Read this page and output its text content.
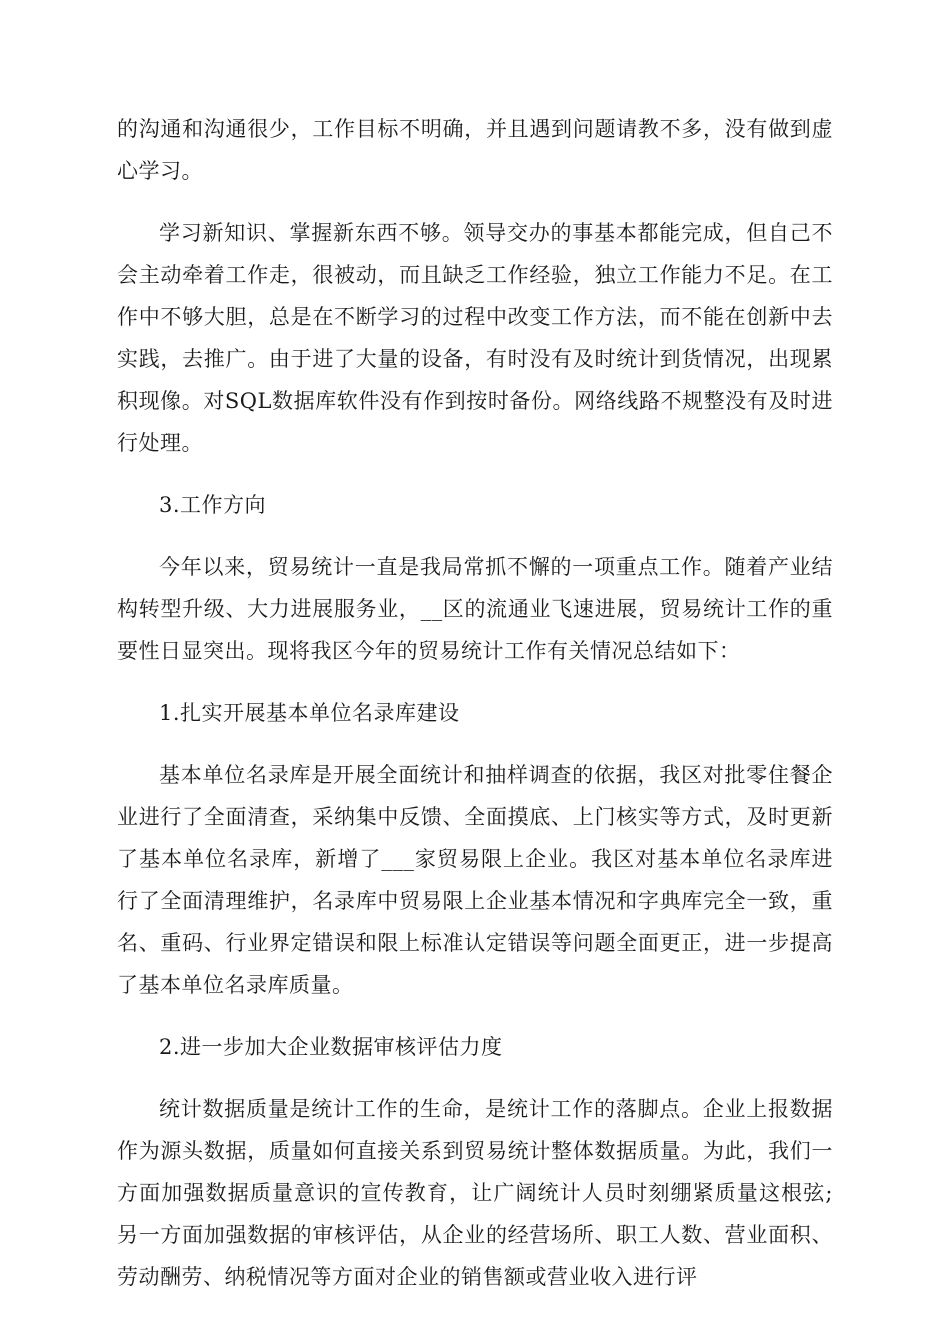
的沟通和沟通很少，工作目标不明确，并且遇到问题请教不多，没有做到虚心学习。

学习新知识、掌握新东西不够。领导交办的事基本都能完成，但自己不会主动牵着工作走，很被动，而且缺乏工作经验，独立工作能力不足。在工作中不够大胆，总是在不断学习的过程中改变工作方法，而不能在创新中去实践，去推广。由于进了大量的设备，有时没有及时统计到货情况，出现累积现像。对SQL数据库软件没有作到按时备份。网络线路不规整没有及时进行处理。

3.工作方向

今年以来，贸易统计一直是我局常抓不懈的一项重点工作。随着产业结构转型升级、大力进展服务业，__区的流通业飞速进展，贸易统计工作的重要性日显突出。现将我区今年的贸易统计工作有关情况总结如下：

1.扎实开展基本单位名录库建设

基本单位名录库是开展全面统计和抽样调查的依据，我区对批零住餐企业进行了全面清查，采纳集中反馈、全面摸底、上门核实等方式，及时更新了基本单位名录库，新增了___家贸易限上企业。我区对基本单位名录库进行了全面清理维护，名录库中贸易限上企业基本情况和字典库完全一致，重名、重码、行业界定错误和限上标准认定错误等问题全面更正，进一步提高了基本单位名录库质量。

2.进一步加大企业数据审核评估力度

统计数据质量是统计工作的生命，是统计工作的落脚点。企业上报数据作为源头数据，质量如何直接关系到贸易统计整体数据质量。为此，我们一方面加强数据质量意识的宣传教育，让广阔统计人员时刻绷紧质量这根弦;另一方面加强数据的审核评估，从企业的经营场所、职工人数、营业面积、劳动酬劳、纳税情况等方面对企业的销售额或营业收入进行评
